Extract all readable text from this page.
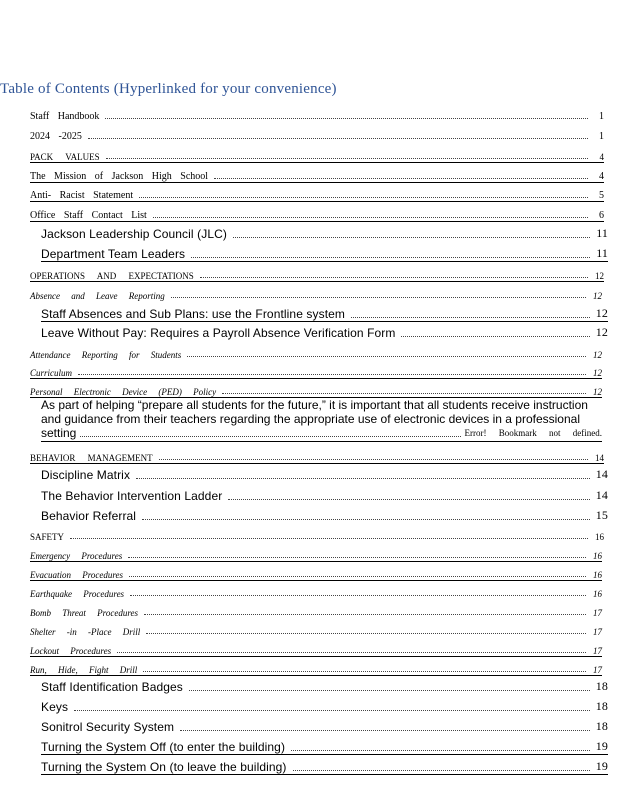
Table of Contents (Hyperlinked for your convenience)
Staff Handbook	1
2024 -2025	1
PACK VALUES	4
The Mission of Jackson High School	4
Anti- Racist Statement	5
Office Staff Contact List	6
Jackson Leadership Council (JLC)	11
Department Team Leaders	11
OPERATIONS AND EXPECTATIONS	12
Absence and Leave Reporting	12
Staff Absences and Sub Plans: use the Frontline system	12
Leave Without Pay: Requires a Payroll Absence Verification Form	12
Attendance Reporting for Students	12
Curriculum	12
Personal Electronic Device (PED) Policy	12
As part of helping “prepare all students for the future,” it is important that all students receive instruction
and guidance from their teachers regarding the appropriate use of electronic devices in a professional
setting	Error! Bookmark not defined.
BEHAVIOR MANAGEMENT	14
Discipline Matrix	14
The Behavior Intervention Ladder	14
Behavior Referral	15
SAFETY	16
Emergency Procedures	16
Evacuation Procedures	16
Earthquake Procedures	16
Bomb Threat Procedures	17
Shelter -in -Place Drill	17
Lockout Procedures	17
Run, Hide, Fight Drill	17
Staff Identification Badges	18
Keys	18
Sonitrol Security System	18
Turning the System Off (to enter the building)	19
Turning the System On (to leave the building)	19
